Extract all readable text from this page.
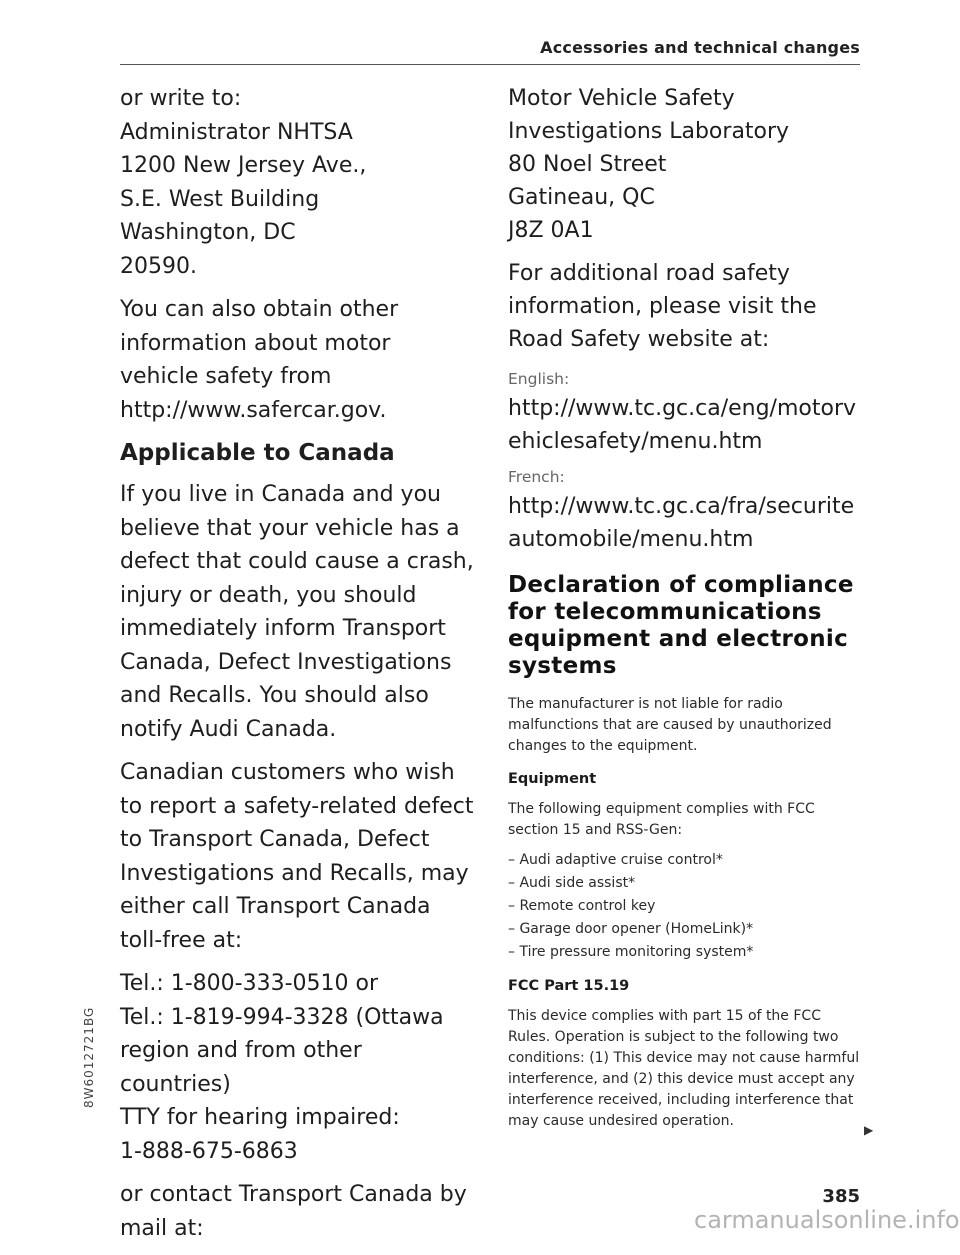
Accessories and technical changes

or write to:

Administrator NHTSA
1200 New Jersey Ave.,
S.E. West Building
Washington, DC
20590.

You can also obtain other information about motor vehicle safety from http://www.safercar.gov.

Applicable to Canada

If you live in Canada and you believe that your vehicle has a defect that could cause a crash, injury or death, you should immediately inform Transport Canada, Defect Investigations and Recalls. You should also notify Audi Canada.

Canadian customers who wish to report a safety-related defect to Transport Canada, Defect Investigations and Recalls, may either call Transport Canada toll-free at:

Tel.: 1-800-333-0510 or
Tel.: 1-819-994-3328 (Ottawa region and from other countries)
TTY for hearing impaired:
1-888-675-6863

or contact Transport Canada by mail at:

Motor Vehicle Safety Investigations Laboratory
80 Noel Street
Gatineau, QC
J8Z 0A1

For additional road safety information, please visit the Road Safety website at:

English:
http://www.tc.gc.ca/eng/motorvehiclesafety/menu.htm
French:
http://www.tc.gc.ca/fra/securiteautomobile/menu.htm
Declaration of compliance for telecommunications equipment and electronic systems

The manufacturer is not liable for radio malfunctions that are caused by unauthorized changes to the equipment.

Equipment

The following equipment complies with FCC section 15 and RSS-Gen:

– Audi adaptive cruise control*
– Audi side assist*
– Remote control key
– Garage door opener (HomeLink)*
– Tire pressure monitoring system*
FCC Part 15.19

This device complies with part 15 of the FCC Rules. Operation is subject to the following two conditions: (1) This device may not cause harmful interference, and (2) this device must accept any interference received, including interference that may cause undesired operation.

▶
385
8W6012721BG
carmanualsonline.info
